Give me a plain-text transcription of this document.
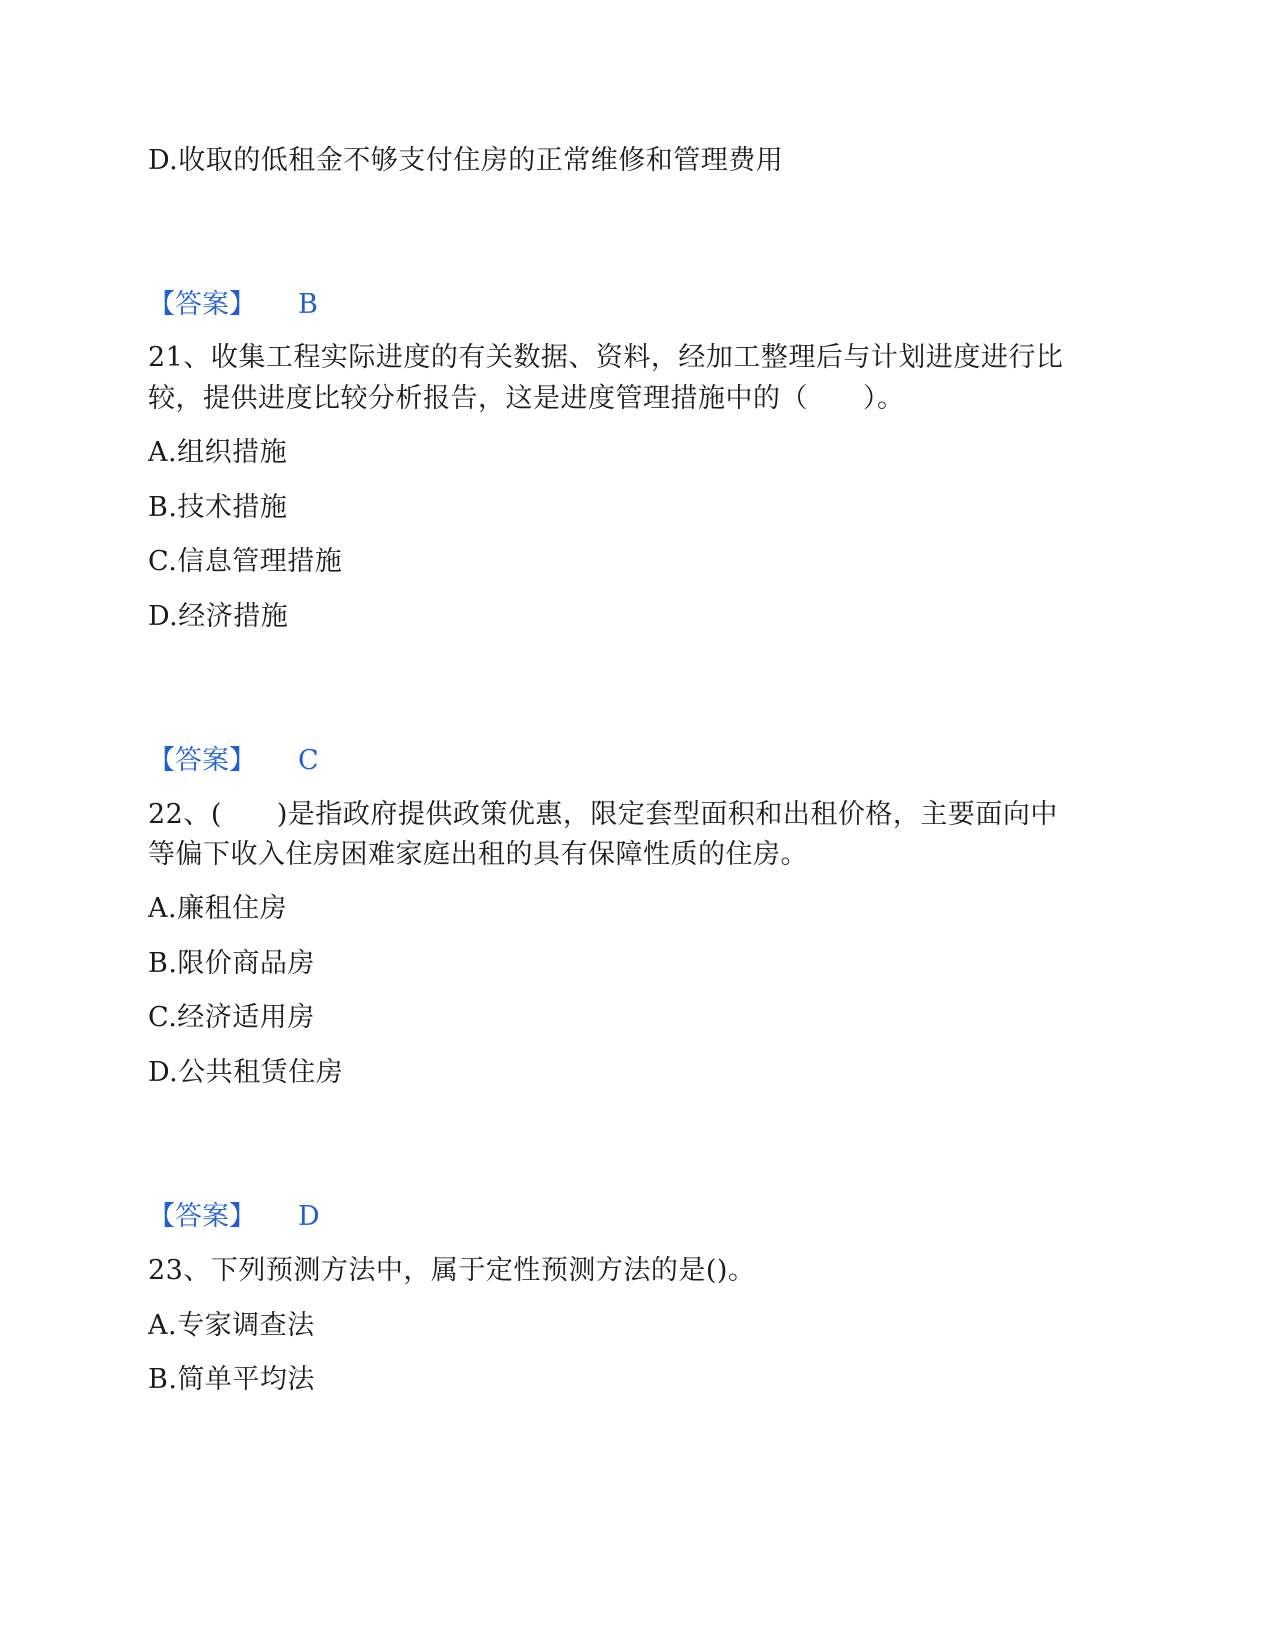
D.收取的低租金不够支付住房的正常维修和管理费用
【答案】 B
21、收集工程实际进度的有关数据、资料，经加工整理后与计划进度进行比
较，提供进度比较分析报告，这是进度管理措施中的（　　）。
A.组织措施
B.技术措施
C.信息管理措施
D.经济措施
【答案】 C
22、(　　)是指政府提供政策优惠，限定套型面积和出租价格，主要面向中
等偏下收入住房困难家庭出租的具有保障性质的住房。
A.廉租住房
B.限价商品房
C.经济适用房
D.公共租赁住房
【答案】 D
23、下列预测方法中，属于定性预测方法的是()。
A.专家调查法
B.简单平均法
